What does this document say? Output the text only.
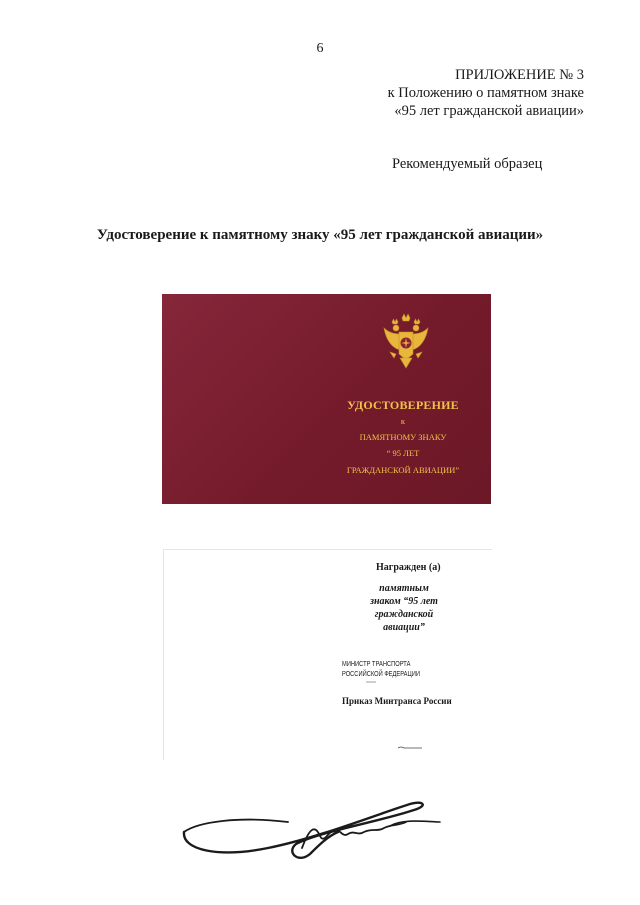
6
ПРИЛОЖЕНИЕ № 3
к Положению о памятном знаке
«95 лет гражданской авиации»
Рекомендуемый образец
Удостоверение к памятному знаку «95 лет гражданской авиации»
УДОСТОВЕРЕНИЕ
к
ПАМЯТНОМУ ЗНАКУ
“ 95 ЛЕТ
ГРАЖДАНСКОЙ АВИАЦИИ”
Награжден (а)
памятным
знаком “95 лет
гражданской
авиации”
МИНИСТР ТРАНСПОРТА
РОССИЙСКОЙ ФЕДЕРАЦИИ
Приказ Минтранса России
